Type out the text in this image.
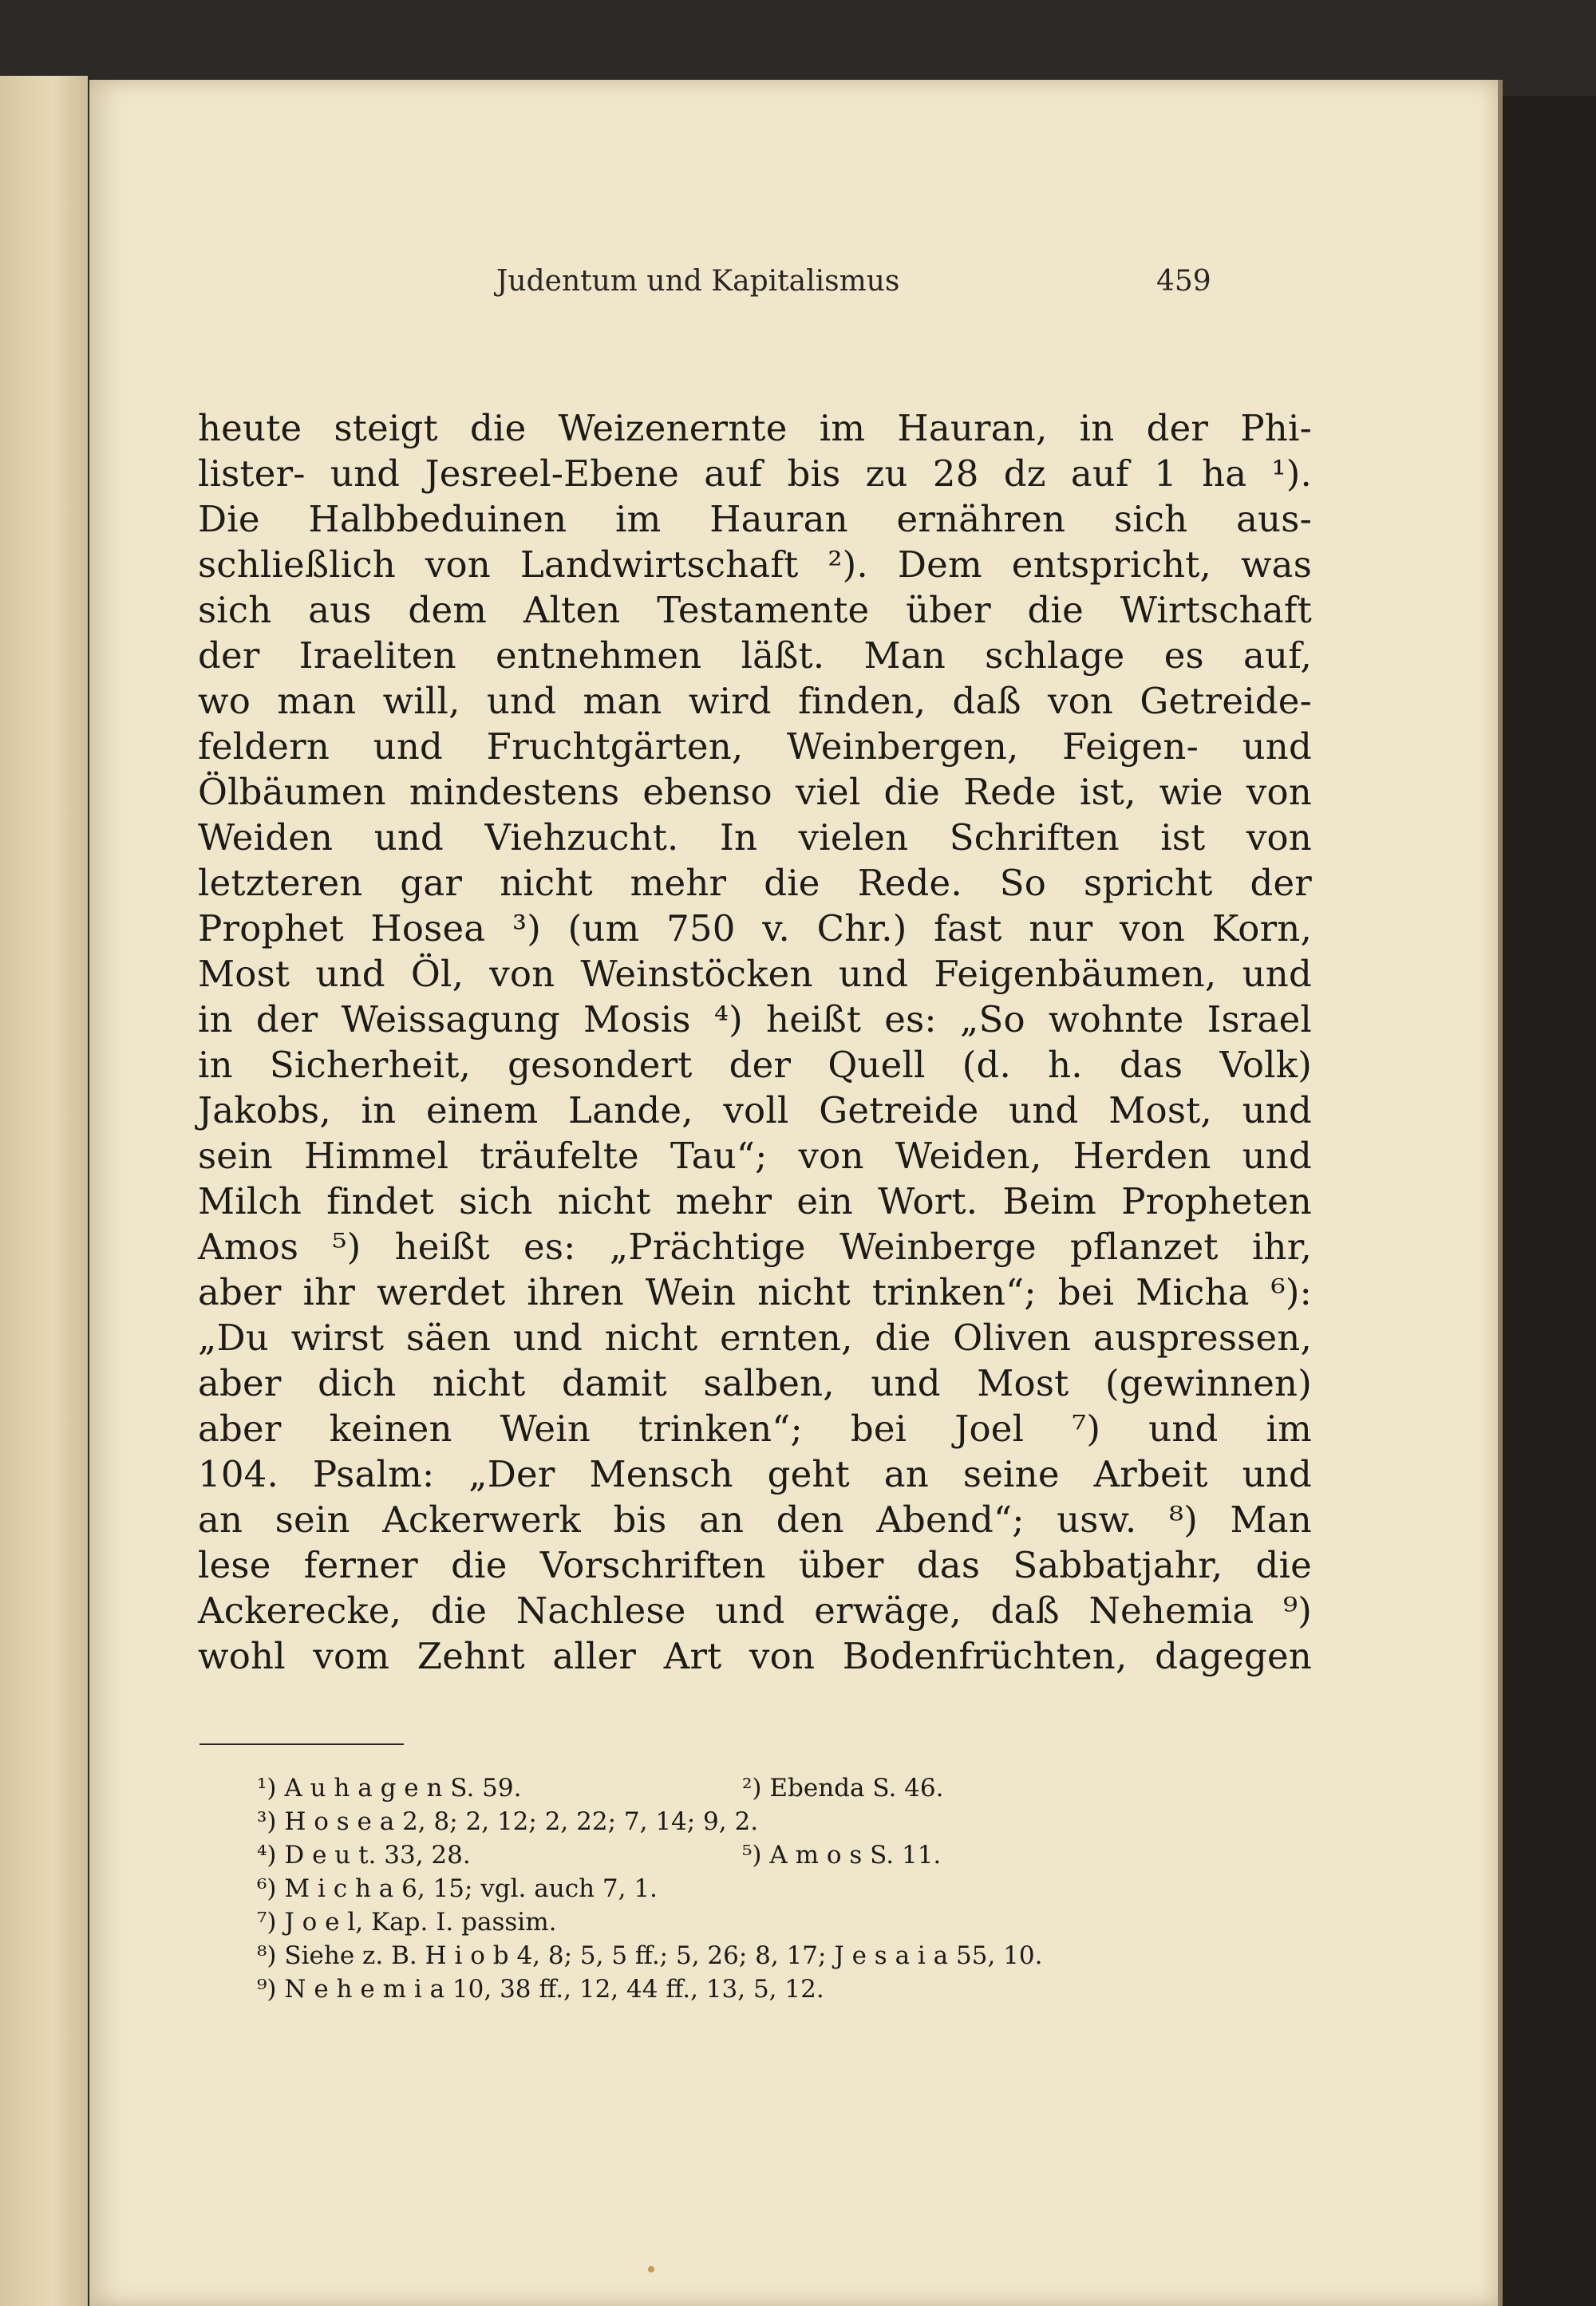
Judentum und Kapitalismus	459
heute steigt die Weizenernte im Hauran, in der Phi-
lister- und Jesreel-Ebene auf bis zu 28 dz auf 1 ha ¹).
Die Halbbeduinen im Hauran ernähren sich aus-
schließlich von Landwirtschaft ²). Dem entspricht, was
sich aus dem Alten Testamente über die Wirtschaft
der Iraeliten entnehmen läßt. Man schlage es auf,
wo man will, und man wird finden, daß von Getreide-
feldern und Fruchtgärten, Weinbergen, Feigen- und
Ölbäumen mindestens ebenso viel die Rede ist, wie von
Weiden und Viehzucht. In vielen Schriften ist von
letzteren gar nicht mehr die Rede. So spricht der
Prophet Hosea ³) (um 750 v. Chr.) fast nur von Korn,
Most und Öl, von Weinstöcken und Feigenbäumen, und
in der Weissagung Mosis ⁴) heißt es: „So wohnte Israel
in Sicherheit, gesondert der Quell (d. h. das Volk)
Jakobs, in einem Lande, voll Getreide und Most, und
sein Himmel träufelte Tau“; von Weiden, Herden und
Milch findet sich nicht mehr ein Wort. Beim Propheten
Amos ⁵) heißt es: „Prächtige Weinberge pflanzet ihr,
aber ihr werdet ihren Wein nicht trinken“; bei Micha ⁶):
„Du wirst säen und nicht ernten, die Oliven auspressen,
aber dich nicht damit salben, und Most (gewinnen)
aber keinen Wein trinken“; bei Joel ⁷) und im
104. Psalm: „Der Mensch geht an seine Arbeit und
an sein Ackerwerk bis an den Abend“; usw. ⁸) Man
lese ferner die Vorschriften über das Sabbatjahr, die
Ackerecke, die Nachlese und erwäge, daß Nehemia ⁹)
wohl vom Zehnt aller Art von Bodenfrüchten, dagegen
¹) A u h a g e n S. 59.	²) Ebenda S. 46.
³) H o s e a 2, 8; 2, 12; 2, 22; 7, 14; 9, 2.
⁴) D e u t. 33, 28.	⁵) A m o s S. 11.
⁶) M i c h a 6, 15; vgl. auch 7, 1.
⁷) J o e l, Kap. I. passim.
⁸) Siehe z. B. H i o b 4, 8; 5, 5 ff.; 5, 26; 8, 17; J e s a i a 55, 10.
⁹) N e h e m i a 10, 38 ff., 12, 44 ff., 13, 5, 12.
